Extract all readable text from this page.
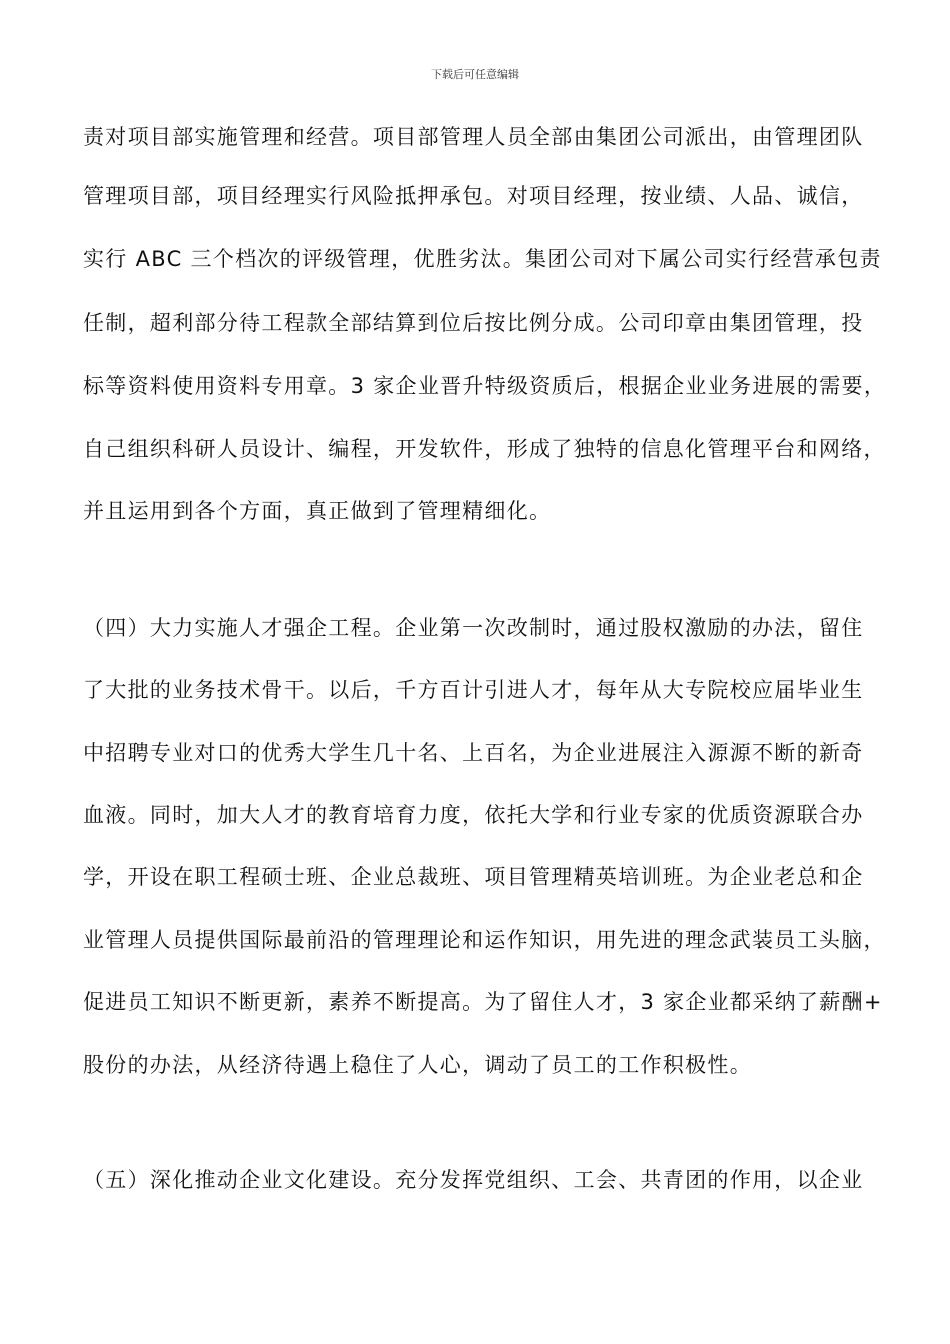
下载后可任意编辑
责对项目部实施管理和经营。项目部管理人员全部由集团公司派出，由管理团队
管理项目部，项目经理实行风险抵押承包。对项目经理，按业绩、人品、诚信，
实行 ABC 三个档次的评级管理，优胜劣汰。集团公司对下属公司实行经营承包责
任制，超利部分待工程款全部结算到位后按比例分成。公司印章由集团管理，投
标等资料使用资料专用章。3 家企业晋升特级资质后，根据企业业务进展的需要，
自己组织科研人员设计、编程，开发软件，形成了独特的信息化管理平台和网络，
并且运用到各个方面，真正做到了管理精细化。
（四）大力实施人才强企工程。企业第一次改制时，通过股权激励的办法，留住
了大批的业务技术骨干。以后，千方百计引进人才，每年从大专院校应届毕业生
中招聘专业对口的优秀大学生几十名、上百名，为企业进展注入源源不断的新奇
血液。同时，加大人才的教育培育力度，依托大学和行业专家的优质资源联合办
学，开设在职工程硕士班、企业总裁班、项目管理精英培训班。为企业老总和企
业管理人员提供国际最前沿的管理理论和运作知识，用先进的理念武装员工头脑，
促进员工知识不断更新，素养不断提高。为了留住人才，3 家企业都采纳了薪酬+
股份的办法，从经济待遇上稳住了人心，调动了员工的工作积极性。
（五）深化推动企业文化建设。充分发挥党组织、工会、共青团的作用，以企业
